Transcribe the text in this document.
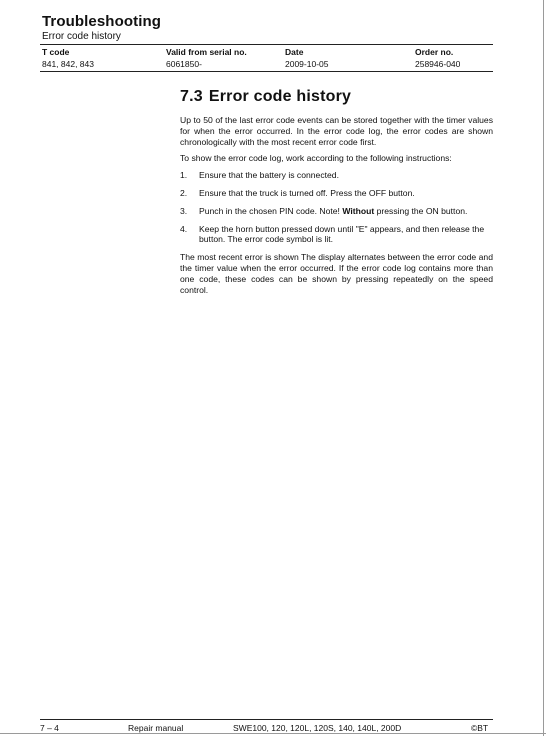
Troubleshooting
Error code history
T code	Valid from serial no.	Date	Order no.
841, 842, 843	6061850-	2009-10-05	258946-040
7.3 Error code history

Up to 50 of the last error code events can be stored together with the timer values for when the error occurred. In the error code log, the error codes are shown chronologically with the most recent error code first.

To show the error code log, work according to the following instructions:

1. Ensure that the battery is connected.
2. Ensure that the truck is turned off. Press the OFF button.
3. Punch in the chosen PIN code. Note! Without pressing the ON button.
4. Keep the horn button pressed down until "E" appears, and then release the button. The error code symbol is lit.

The most recent error is shown The display alternates between the error code and the timer value when the error occurred. If the error code log contains more than one code, these codes can be shown by pressing repeatedly on the speed control.

7 – 4	Repair manual	SWE100, 120, 120L, 120S, 140, 140L, 200D	©BT
